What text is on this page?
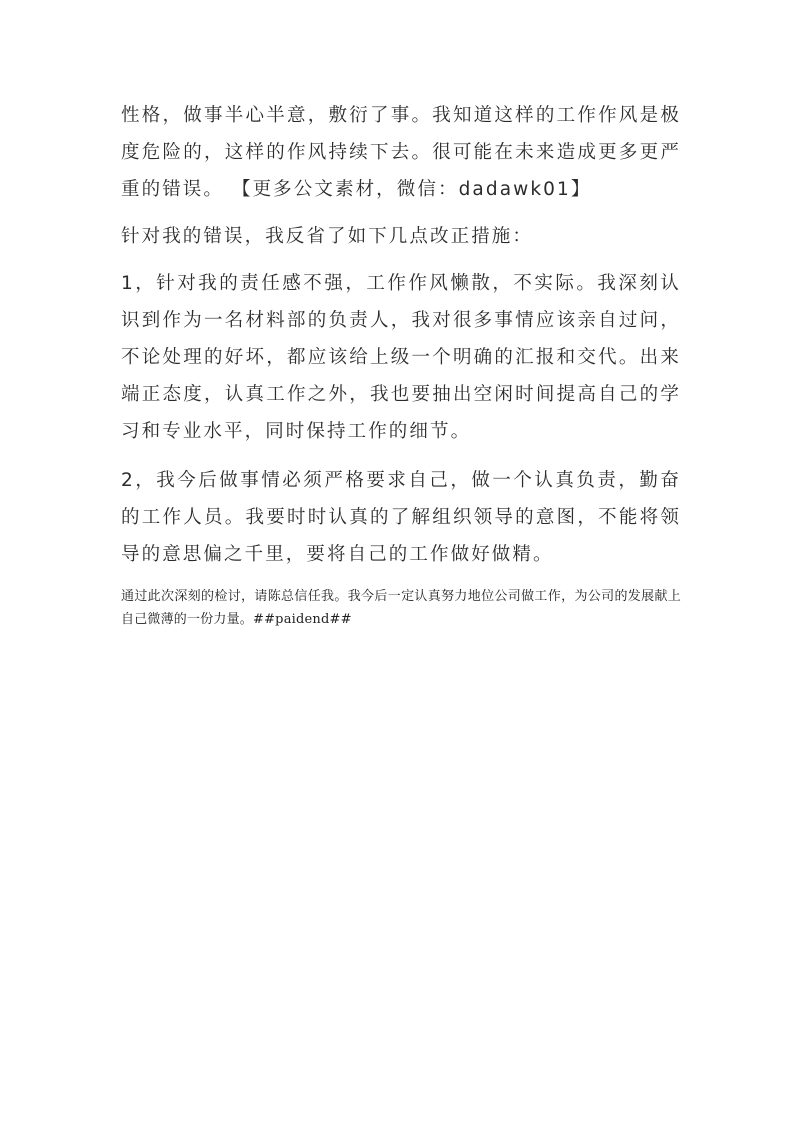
性格，做事半心半意，敷衍了事。我知道这样的工作作风是极度危险的，这样的作风持续下去。很可能在未来造成更多更严重的错误。 【更多公文素材，微信：dadawk01】

针对我的错误，我反省了如下几点改正措施：

1，针对我的责任感不强，工作作风懒散，不实际。我深刻认识到作为一名材料部的负责人，我对很多事情应该亲自过问，不论处理的好坏，都应该给上级一个明确的汇报和交代。出来端正态度，认真工作之外，我也要抽出空闲时间提高自己的学习和专业水平，同时保持工作的细节。

2，我今后做事情必须严格要求自己，做一个认真负责，勤奋的工作人员。我要时时认真的了解组织领导的意图，不能将领导的意思偏之千里，要将自己的工作做好做精。

通过此次深刻的检讨，请陈总信任我。我今后一定认真努力地位公司做工作，为公司的发展献上自己微薄的一份力量。##paidend##
